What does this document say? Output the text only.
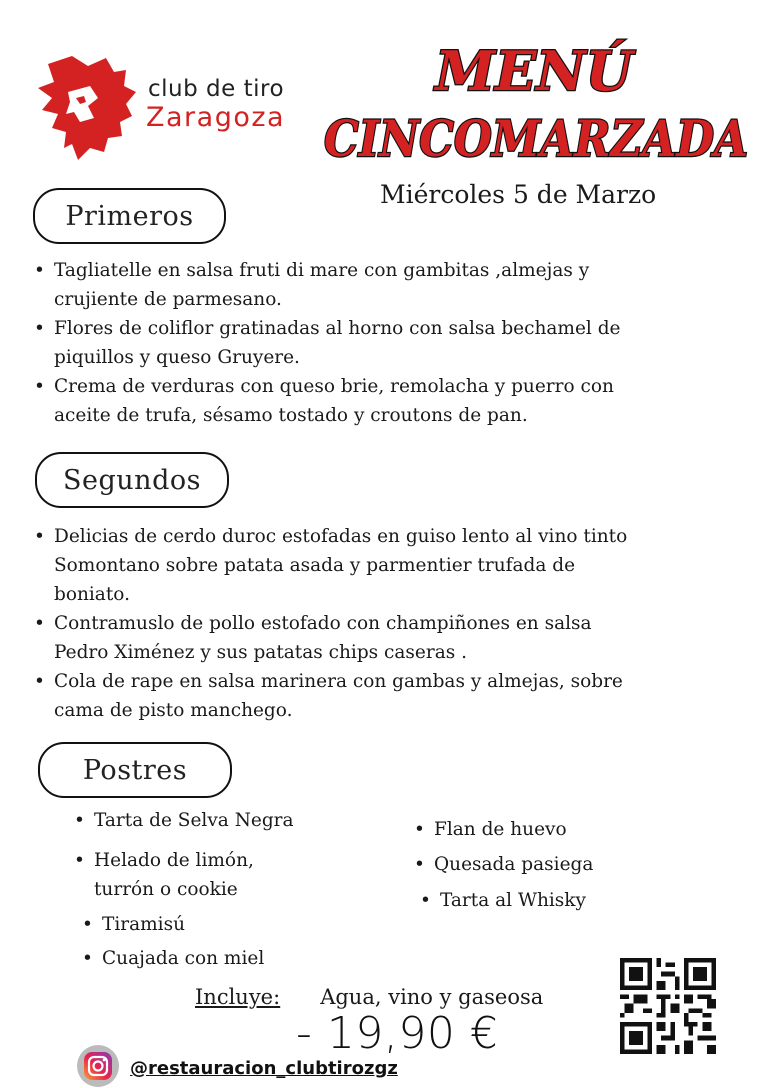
club de tiro
Zaragoza
MENÚ
CINCOMARZADA
Miércoles 5 de Marzo
Primeros
• Tagliatelle en salsa fruti di mare con gambitas ,almejas y
crujiente de parmesano.
• Flores de coliflor gratinadas al horno con salsa bechamel de
piquillos y queso Gruyere.
• Crema de verduras con queso brie, remolacha y puerro con
aceite de trufa, sésamo tostado y croutons de pan.
Segundos
• Delicias de cerdo duroc estofadas en guiso lento al vino tinto
Somontano sobre patata asada y parmentier trufada de
boniato.
• Contramuslo de pollo estofado con champiñones en salsa
Pedro Ximénez y sus patatas chips caseras .
• Cola de rape en salsa marinera con gambas y almejas, sobre
cama de pisto manchego.
Postres
• Tarta de Selva Negra
• Helado de limón,
turrón o cookie
• Tiramisú
• Cuajada con miel
• Flan de huevo
• Quesada pasiega
• Tarta al Whisky
Incluye: Agua, vino y gaseosa
- 19,90 €
@restauracion_clubtirozgz
